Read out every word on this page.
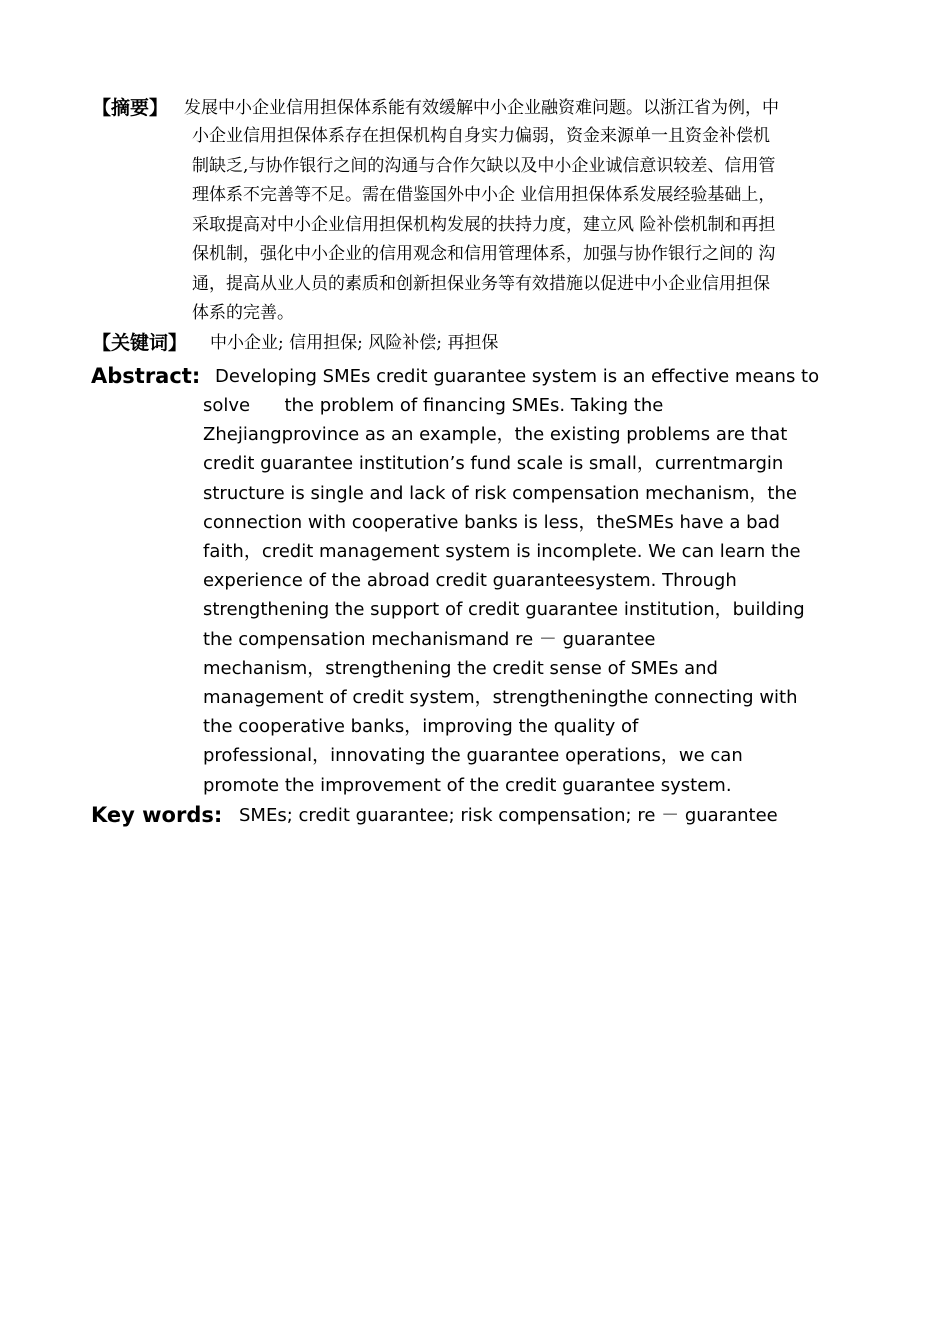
【摘要】 发展中小企业信用担保体系能有效缓解中小企业融资难问题。以浙江省为例，中
小企业信用担保体系存在担保机构自身实力偏弱，资金来源单一且资金补偿机
制缺乏,与协作银行之间的沟通与合作欠缺以及中小企业诚信意识较差、信用管
理体系不完善等不足。需在借鉴国外中小企 业信用担保体系发展经验基础上，
采取提高对中小企业信用担保机构发展的扶持力度，建立风 险补偿机制和再担
保机制，强化中小企业的信用观念和信用管理体系，加强与协作银行之间的 沟
通，提高从业人员的素质和创新担保业务等有效措施以促进中小企业信用担保
体系的完善。
【关键词】	中小企业; 信用担保; 风险补偿; 再担保
Abstract: Developing SMEs credit guarantee system is an effective means to
solve      the problem of financing SMEs. Taking the
Zhejiangprovince as an example，the existing problems are that
credit guarantee institution’s fund scale is small，currentmargin
structure is single and lack of risk compensation mechanism，the
connection with cooperative banks is less，theSMEs have a bad
faith，credit management system is incomplete. We can learn the
experience of the abroad credit guaranteesystem. Through
strengthening the support of credit guarantee institution，building
the compensation mechanismand re － guarantee
mechanism，strengthening the credit sense of SMEs and
management of credit system，strengtheningthe connecting with
the cooperative banks，improving the quality of
professional，innovating the guarantee operations，we can
promote the improvement of the credit guarantee system.
Key words: SMEs; credit guarantee; risk compensation; re － guarantee
